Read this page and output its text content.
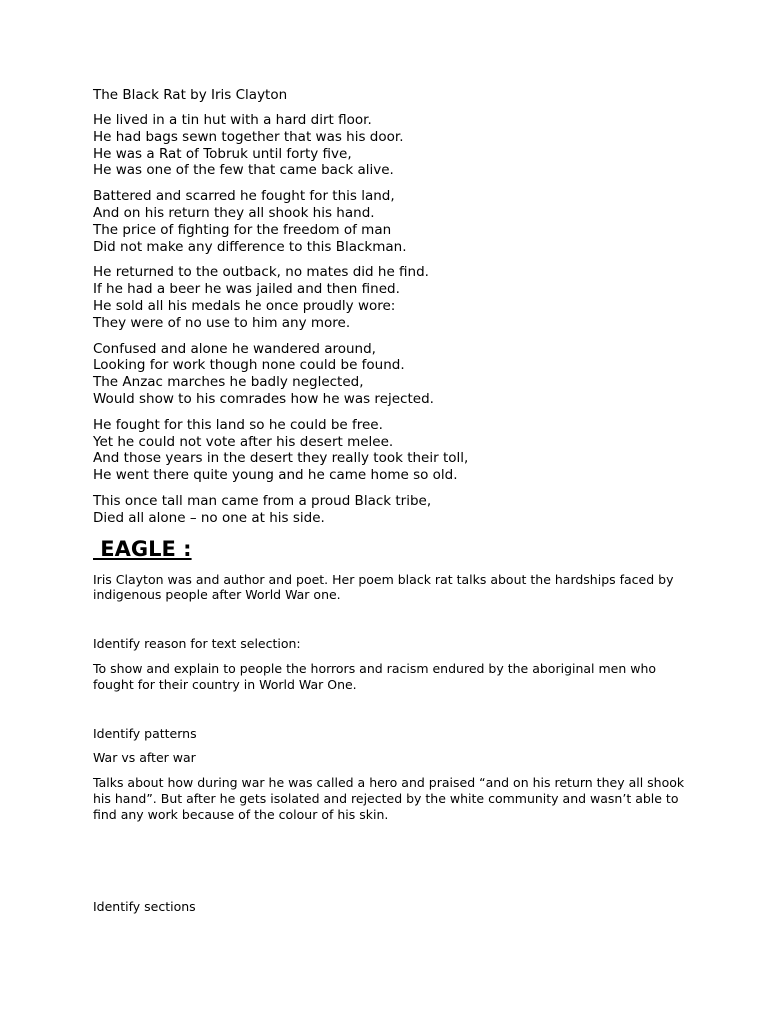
The Black Rat by Iris Clayton
He lived in a tin hut with a hard dirt floor.
He had bags sewn together that was his door.
He was a Rat of Tobruk until forty five,
He was one of the few that came back alive.
Battered and scarred he fought for this land,
And on his return they all shook his hand.
The price of fighting for the freedom of man
Did not make any difference to this Blackman.
He returned to the outback, no mates did he find.
If he had a beer he was jailed and then fined.
He sold all his medals he once proudly wore:
They were of no use to him any more.
Confused and alone he wandered around,
Looking for work though none could be found.
The Anzac marches he badly neglected,
Would show to his comrades how he was rejected.
He fought for this land so he could be free.
Yet he could not vote after his desert melee.
And those years in the desert they really took their toll,
He went there quite young and he came home so old.
This once tall man came from a proud Black tribe,
Died all alone – no one at his side.
EAGLE :

Iris Clayton was and author and poet. Her poem black rat talks about the hardships faced by indigenous people after World War one.

Identify reason for text selection:

To show and explain to people the horrors and racism endured by the aboriginal men who fought for their country in World War One.

Identify patterns

War vs after war

Talks about how during war he was called a hero and praised “and on his return they all shook his hand”. But after he gets isolated and rejected by the white community and wasn’t able to find any work because of the colour of his skin.

Identify sections
